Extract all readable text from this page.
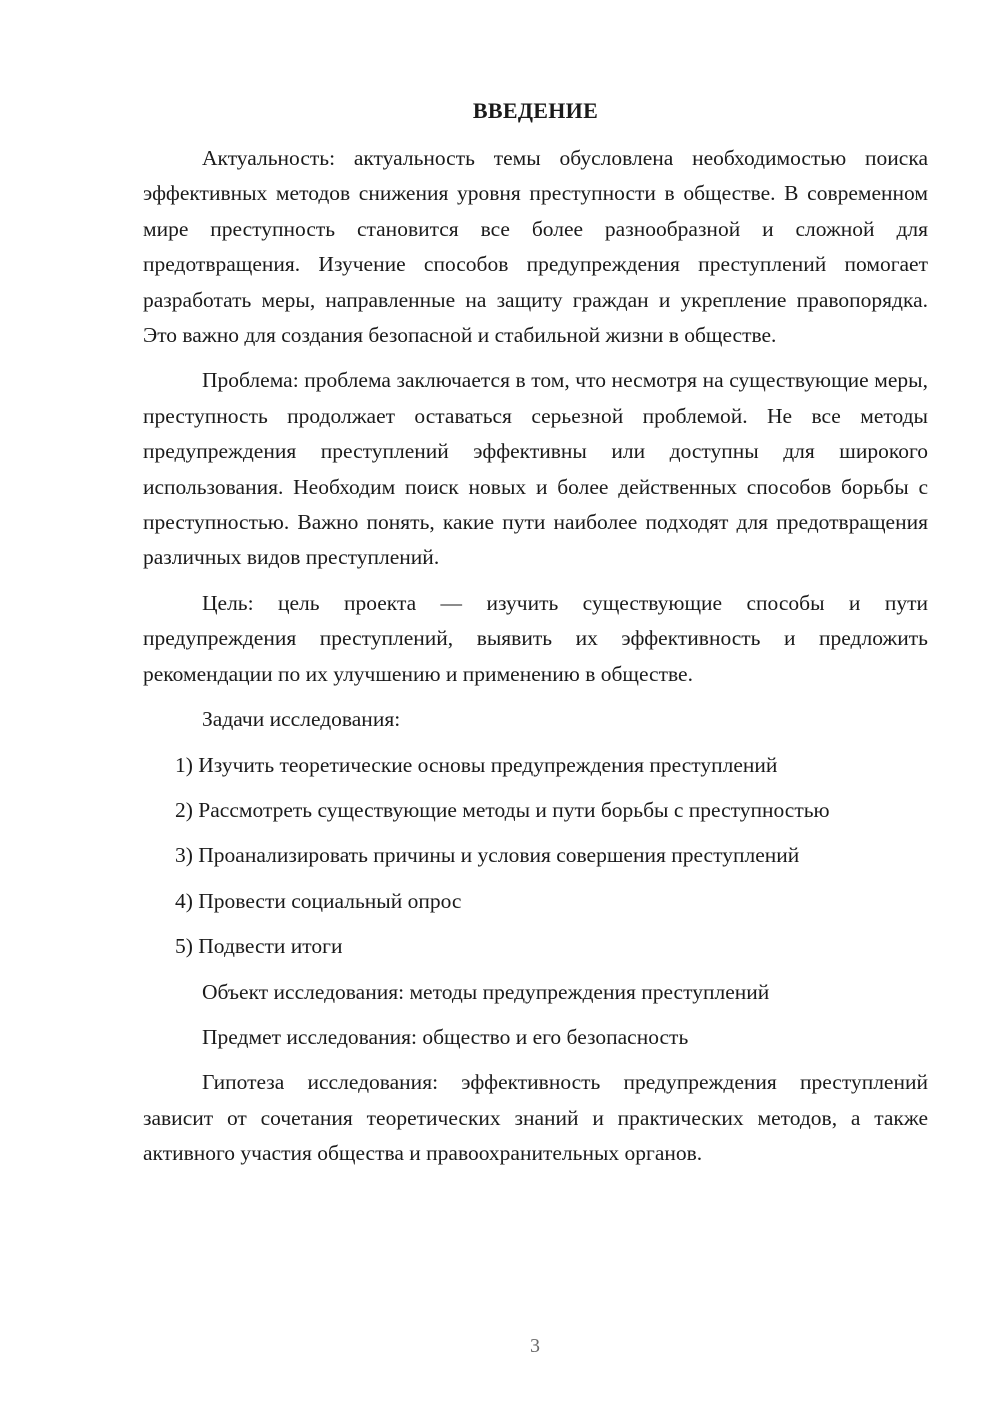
ВВЕДЕНИЕ

Актуальность: актуальность темы обусловлена необходимостью поиска эффективных методов снижения уровня преступности в обществе. В современном мире преступность становится все более разнообразной и сложной для предотвращения. Изучение способов предупреждения преступлений помогает разработать меры, направленные на защиту граждан и укрепление правопорядка. Это важно для создания безопасной и стабильной жизни в обществе.

Проблема: проблема заключается в том, что несмотря на существующие меры, преступность продолжает оставаться серьезной проблемой. Не все методы предупреждения преступлений эффективны или доступны для широкого использования. Необходим поиск новых и более действенных способов борьбы с преступностью. Важно понять, какие пути наиболее подходят для предотвращения различных видов преступлений.

Цель: цель проекта — изучить существующие способы и пути предупреждения преступлений, выявить их эффективность и предложить рекомендации по их улучшению и применению в обществе.

Задачи исследования:

1) Изучить теоретические основы предупреждения преступлений

2) Рассмотреть существующие методы и пути борьбы с преступностью

3) Проанализировать причины и условия совершения преступлений

4) Провести социальный опрос

5) Подвести итоги

Объект исследования: методы предупреждения преступлений

Предмет исследования: общество и его безопасность

Гипотеза исследования: эффективность предупреждения преступлений зависит от сочетания теоретических знаний и практических методов, а также активного участия общества и правоохранительных органов.

3
